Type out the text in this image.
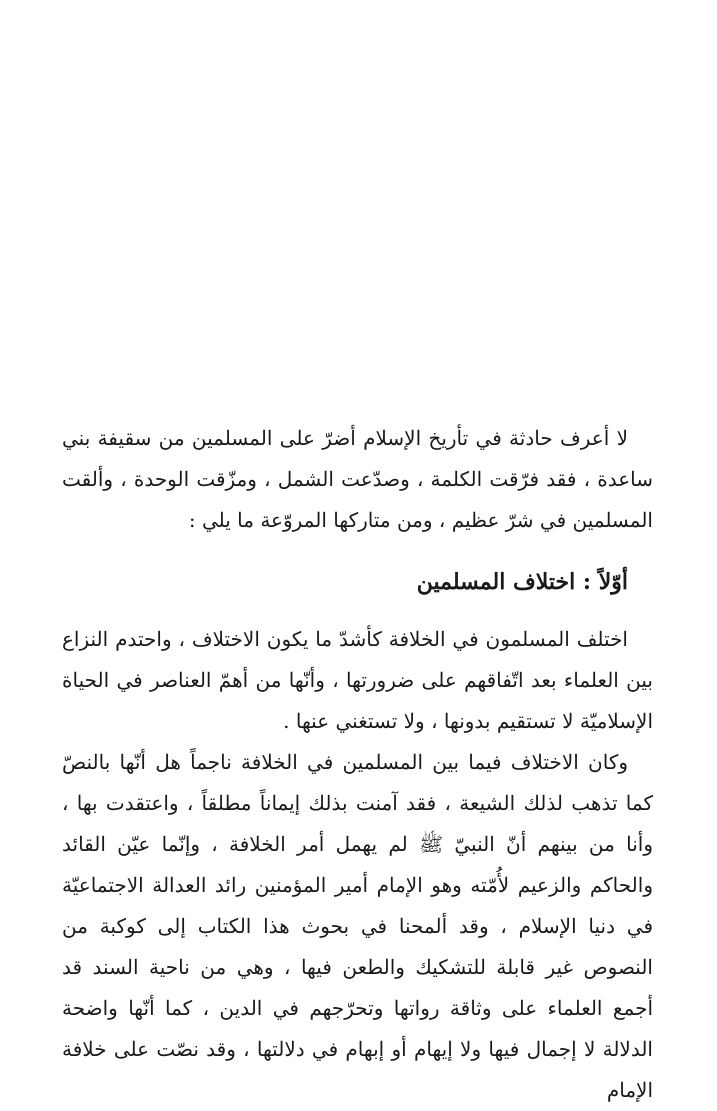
لا أعرف حادثة في تأريخ الإسلام أضرّ على المسلمين من سقيفة بني ساعدة ، فقد فرّقت الكلمة ، وصدّعت الشمل ، ومزّقت الوحدة ، وألقت المسلمين في شرّ عظيم ، ومن متاركها المروّعة ما يلي :

أوّلاً : اختلاف المسلمين

اختلف المسلمون في الخلافة كأشدّ ما يكون الاختلاف ، واحتدم النزاع بين العلماء بعد اتّفاقهم على ضرورتها ، وأنّها من أهمّ العناصر في الحياة الإسلاميّة لا تستقيم بدونها ، ولا تستغني عنها .

وكان الاختلاف فيما بين المسلمين في الخلافة ناجماً هل أنّها بالنصّ كما تذهب لذلك الشيعة ، فقد آمنت بذلك إيماناً مطلقاً ، واعتقدت بها ، وأنا من بينهم أنّ النبيّ ﷺ لم يهمل أمر الخلافة ، وإنّما عيّن القائد والحاكم والزعيم لأُمّته وهو الإمام أمير المؤمنين رائد العدالة الاجتماعيّة في دنيا الإسلام ، وقد ألمحنا في بحوث هذا الكتاب إلى كوكبة من النصوص غير قابلة للتشكيك والطعن فيها ، وهي من ناحية السند قد أجمع العلماء على وثاقة رواتها وتحرّجهم في الدين ، كما أنّها واضحة الدلالة لا إجمال فيها ولا إيهام أو إبهام في دلالتها ، وقد نصّت على خلافة الإمام
